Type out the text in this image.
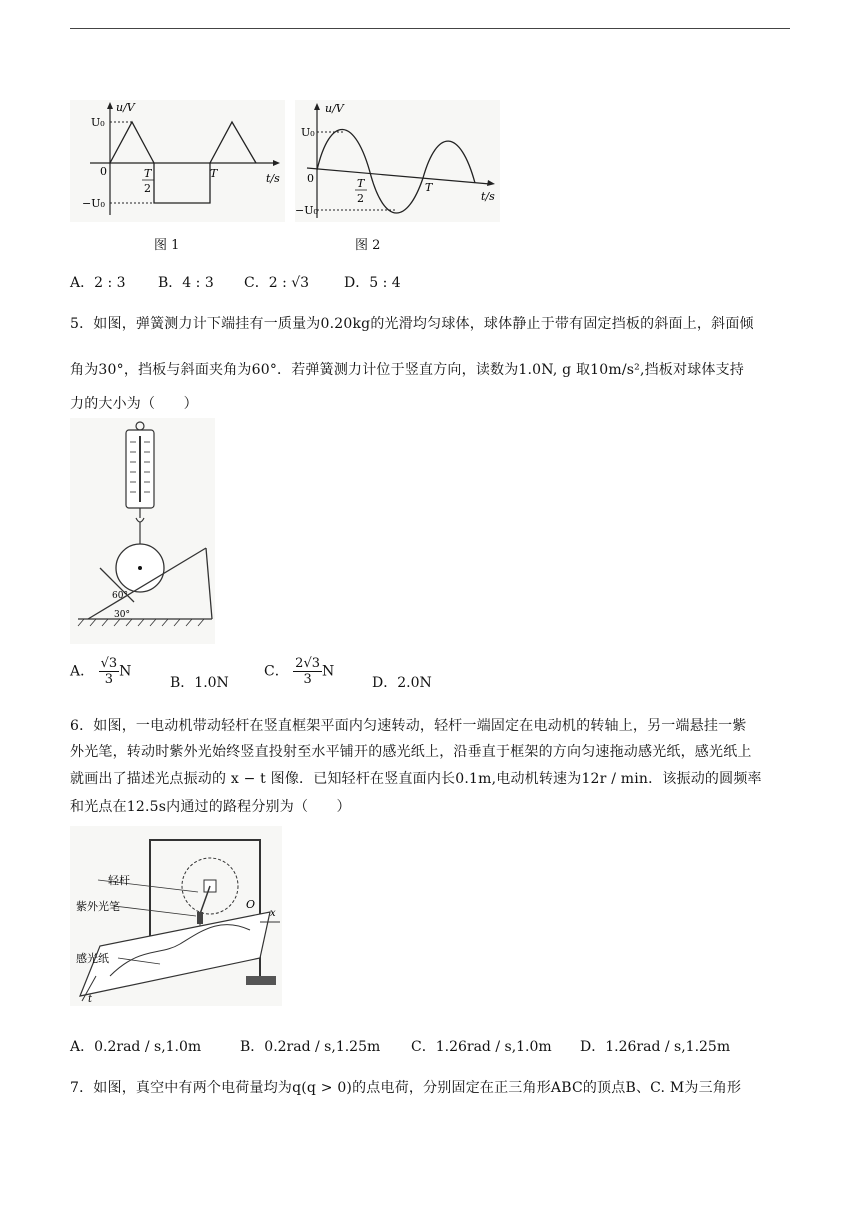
u/V
U₀
−U₀
0	T
2
T	t/s
图 1
u/V
U₀
−U₀
0	T
2
T
t/s
图 2
A．2 : 3 B．4 : 3 C．2 : √3 D．5 : 4
5．如图，弹簧测力计下端挂有一质量为0.20kg的光滑均匀球体，球体静止于带有固定挡板的斜面上，斜面倾
角为30°，挡板与斜面夹角为60°．若弹簧测力计位于竖直方向，读数为1.0N, g 取10m/s²,挡板对球体支持
力的大小为（　　）
60°
30°
A． $\frac{√3}{3}$ N
B．1.0N
C． $\frac{2√3}{3}$ N
D．2.0N
6．如图，一电动机带动轻杆在竖直框架平面内匀速转动，轻杆一端固定在电动机的转轴上，另一端悬挂一紫
外光笔，转动时紫外光始终竖直投射至水平铺开的感光纸上，沿垂直于框架的方向匀速拖动感光纸，感光纸上
就画出了描述光点振动的 x − t 图像．已知轻杆在竖直面内长0.1m,电动机转速为12r / min．该振动的圆频率
和光点在12.5s内通过的路程分别为（　　）
轻杆
紫外光笔
感光纸
O
x
t
A．0.2rad / s,1.0m	B．0.2rad / s,1.25m C．1.26rad / s,1.0m D．1.26rad / s,1.25m
7．如图，真空中有两个电荷量均为q(q > 0)的点电荷，分别固定在正三角形ABC的顶点B、C. M为三角形
